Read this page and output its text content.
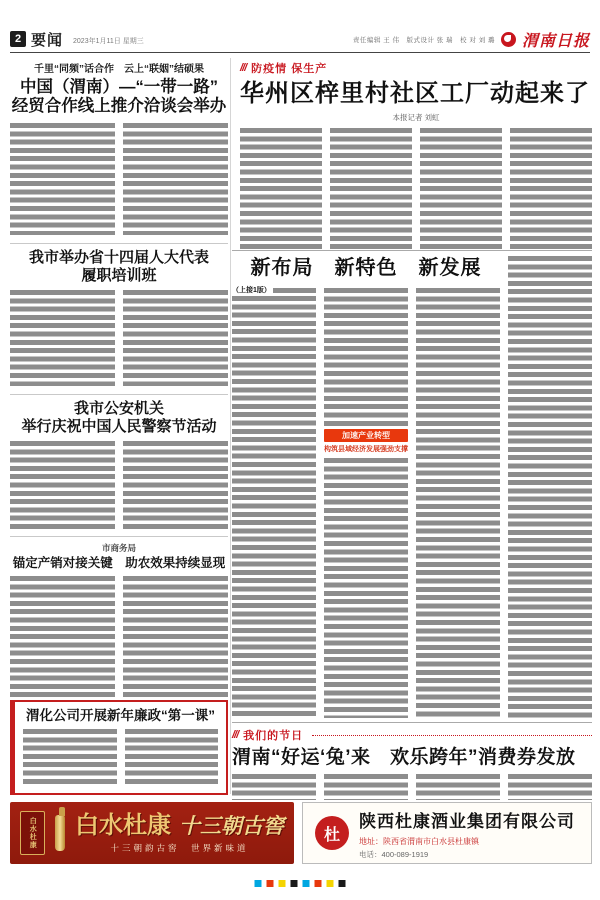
2 要闻 2023年1月11日 星期三	责任编辑 王 伟　版式设计 张 瑞　校 对 刘 璐 渭南日报
千里“同频”话合作　云上“联姻”结硕果
中国（渭南）—“一带一路”
经贸合作线上推介洽谈会举办
我市举办省十四届人大代表
履职培训班
我市公安机关
举行庆祝中国人民警察节活动
市商务局
锚定产销对接关键　助农效果持续显现
渭化公司开展新年廉政“第一课”
/// 防疫情 保生产
华州区梓里村社区工厂动起来了
本报记者 刘虹
新布局　新特色　新发展
（上接1版）
加速产业转型
构筑县域经济发展强劲支撑
/// 我们的节日
渭南“好运‘兔’来　欢乐跨年”消费券发放
白水杜康 白水杜康 十三朝古窖
十三朝韵古窖　世界新味道
杜
陕西杜康酒业集团有限公司
地址：陕西省渭南市白水县杜康镇
电话：400-089-1919
